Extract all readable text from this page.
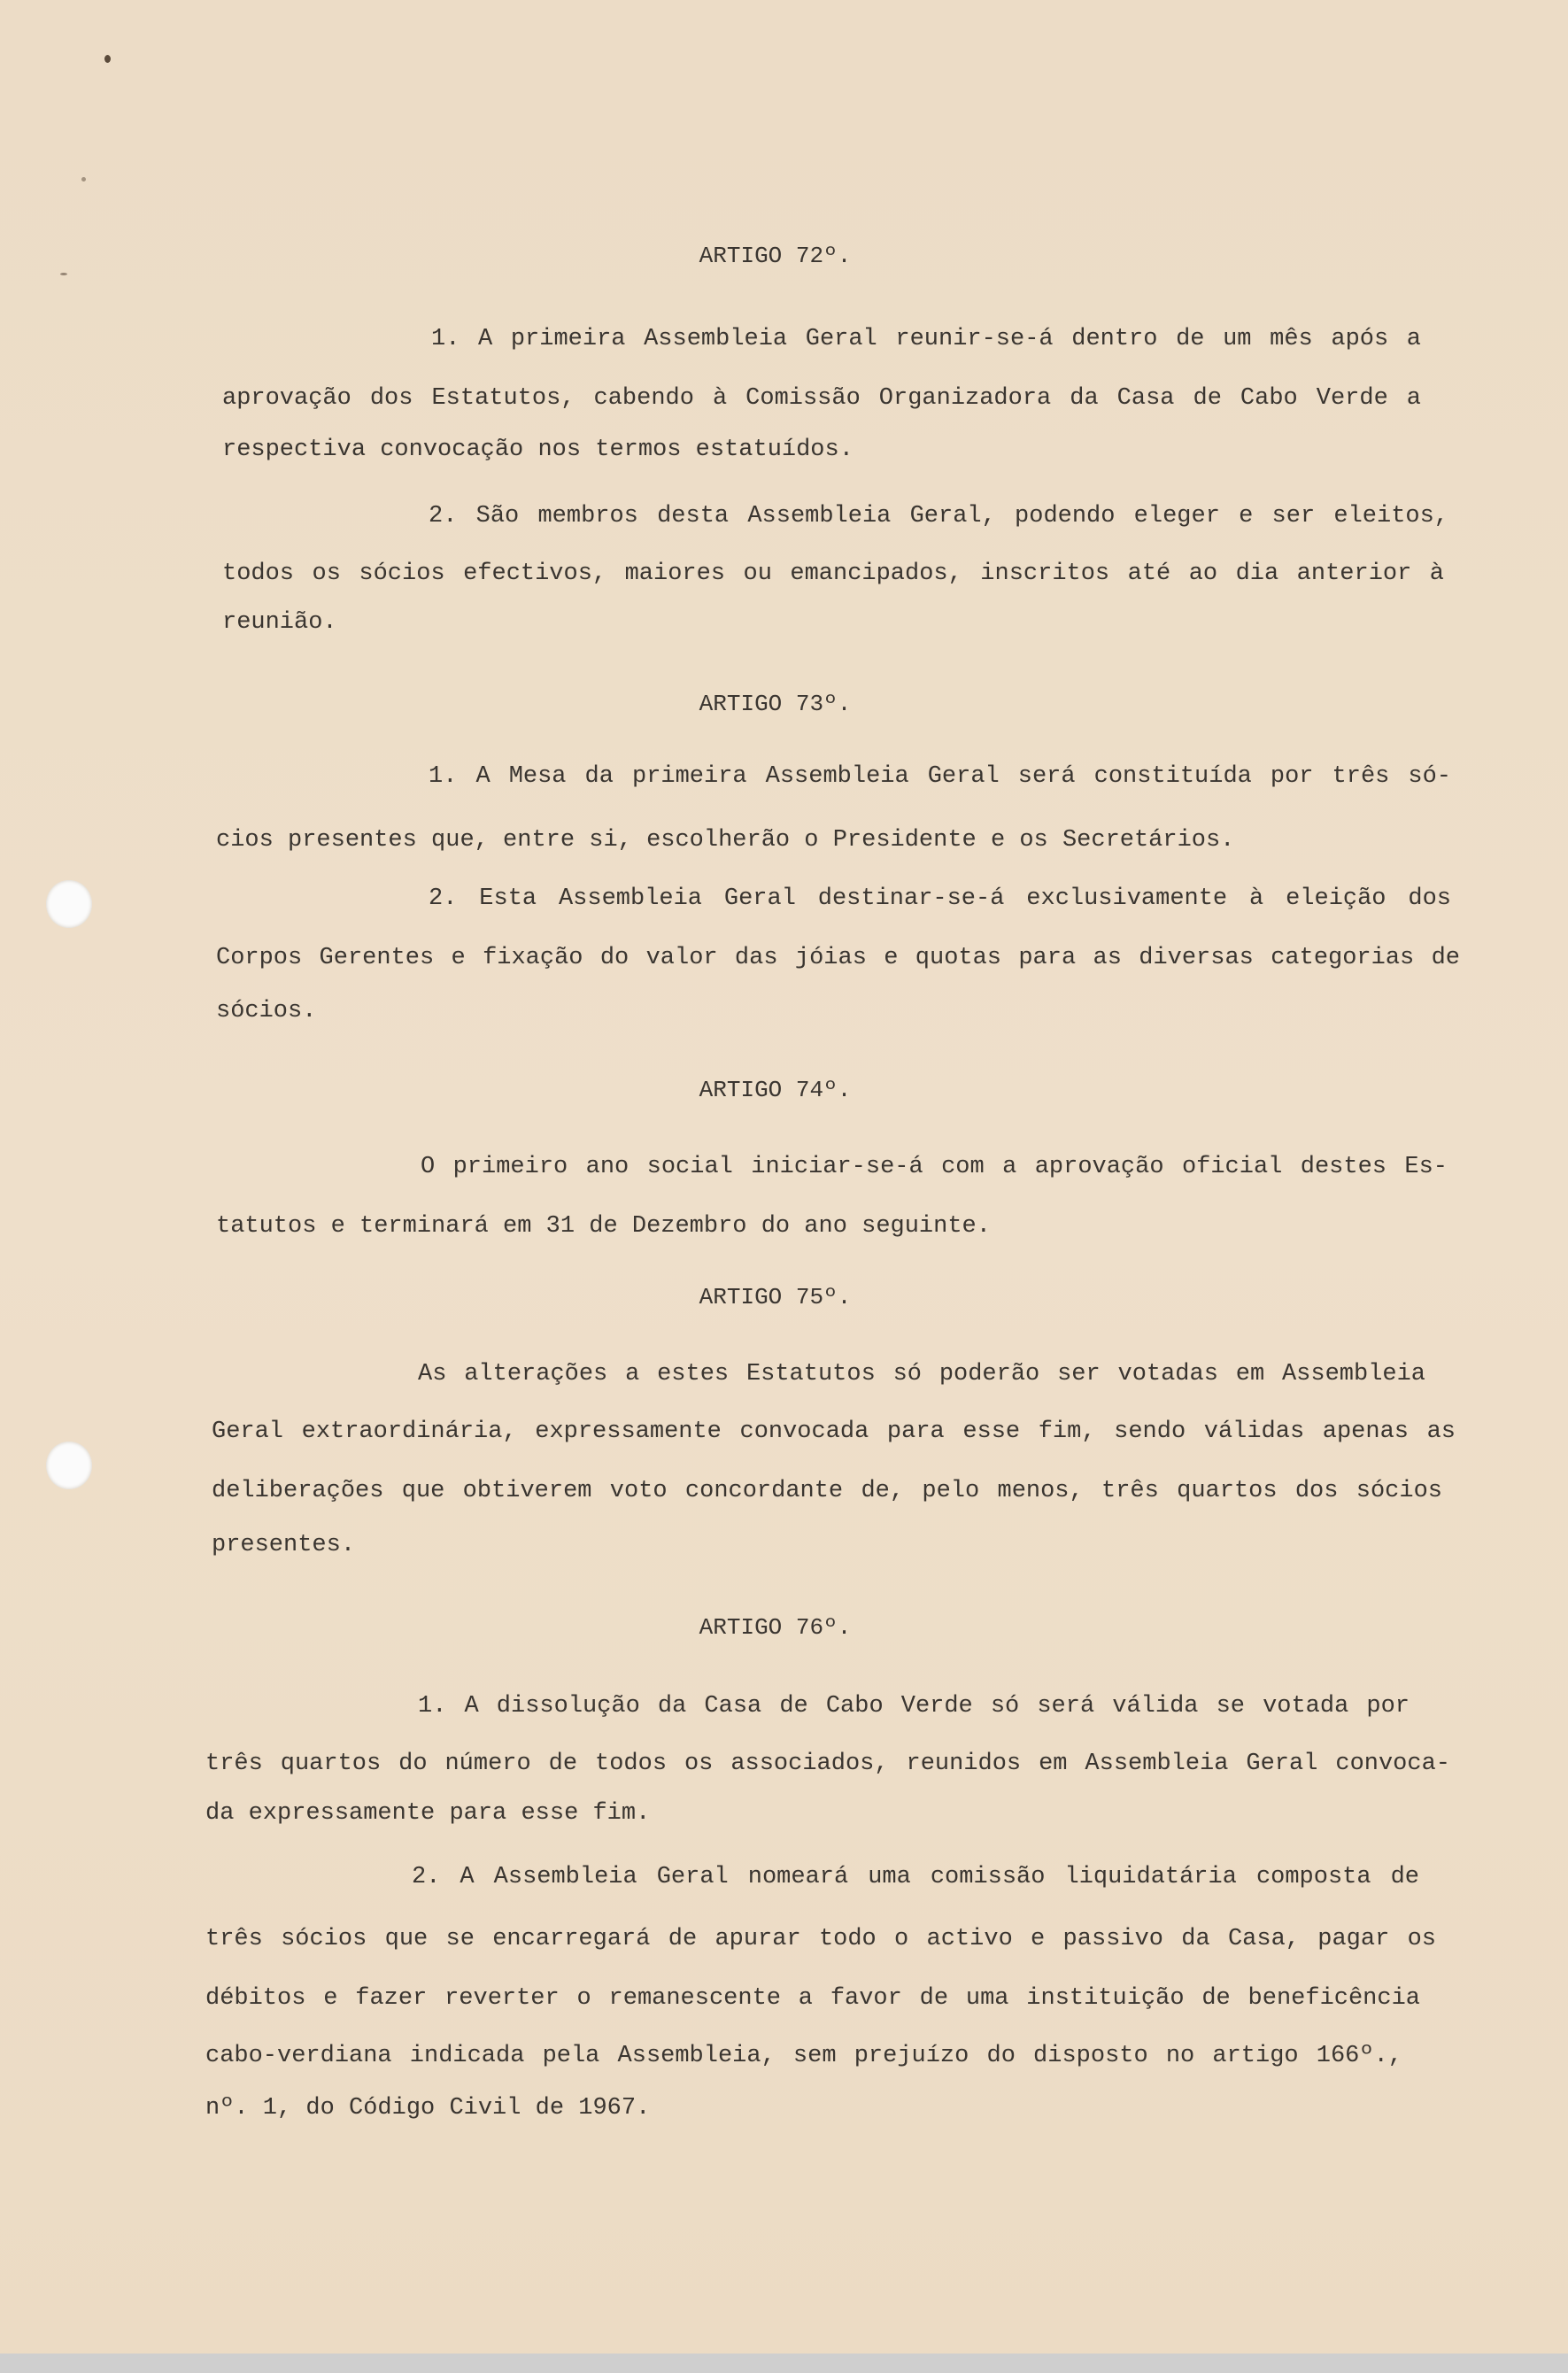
ARTIGO 72º.
1. A primeira Assembleia Geral reunir-se-á dentro de um mês após a
aprovação dos Estatutos, cabendo à Comissão Organizadora da Casa de Cabo Verde a
respectiva convocação nos termos estatuídos.
2. São membros desta Assembleia Geral, podendo eleger e ser eleitos,
todos os sócios efectivos, maiores ou emancipados, inscritos até ao dia anterior à
reunião.
ARTIGO 73º.
1. A Mesa da primeira Assembleia Geral será constituída por três só-
cios presentes que, entre si, escolherão o Presidente e os Secretários.
2. Esta Assembleia Geral destinar-se-á exclusivamente à eleição dos
Corpos Gerentes e fixação do valor das jóias e quotas para as diversas categorias de
sócios.
ARTIGO 74º.
O primeiro ano social iniciar-se-á com a aprovação oficial destes Es-
tatutos e terminará em 31 de Dezembro do ano seguinte.
ARTIGO 75º.
As alterações a estes Estatutos só poderão ser votadas em Assembleia
Geral extraordinária, expressamente convocada para esse fim, sendo válidas apenas as
deliberações que obtiverem voto concordante de, pelo menos, três quartos dos sócios
presentes.
ARTIGO 76º.
1. A dissolução da Casa de Cabo Verde só será válida se votada por
três quartos do número de todos os associados, reunidos em Assembleia Geral convoca-
da expressamente para esse fim.
2. A Assembleia Geral nomeará uma comissão liquidatária composta de
três sócios que se encarregará de apurar todo o activo e passivo da Casa, pagar os
débitos e fazer reverter o remanescente a favor de uma instituição de beneficência
cabo-verdiana indicada pela Assembleia, sem prejuízo do disposto no artigo 166º.,
nº. 1, do Código Civil de 1967.
